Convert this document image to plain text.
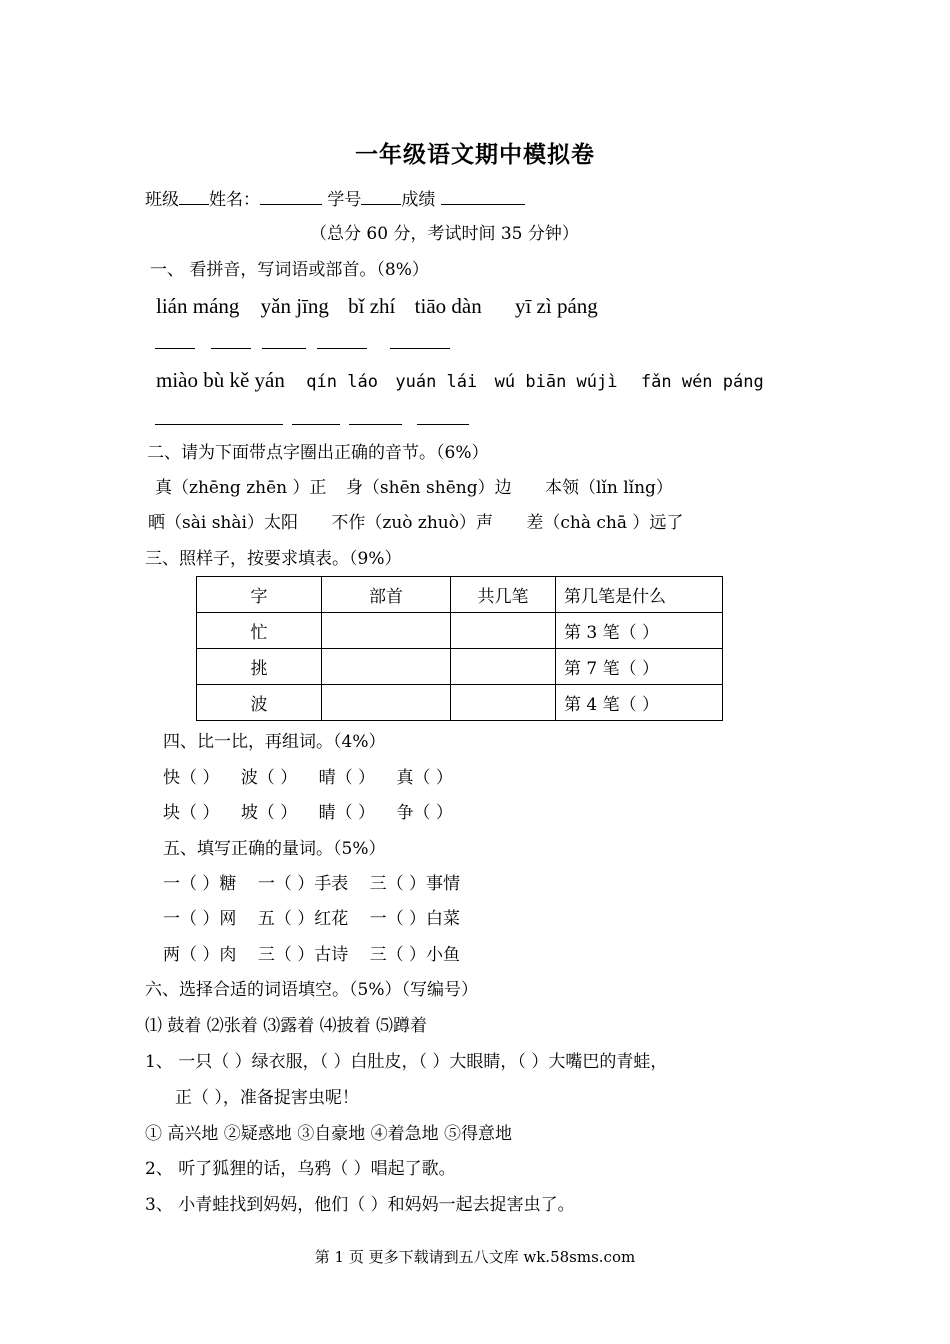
一年级语文期中模拟卷
班级 姓名：	学号 成绩
（总分 60 分，考试时间 35 分钟）
一、 看拼音，写词语或部首。（8%）
lián máng yǎn jīng bǐ zhí tiāo dàn yī zì páng
miào bù kě yán qín láo yuán lái wú biān wújì fǎn wén páng
二、请为下面带点字圈出正确的音节。（6%）
真（zhēng zhēn ）正 身（shēn shēng）边 本领（lǐn lǐng）
晒（sài shài）太阳 不作（zuò zhuò）声 差（chà chā ）远了
三、照样子，按要求填表。（9%）
字	部首	共几笔	第几笔是什么
忙			第 3 笔（ ）
挑			第 7 笔（ ）
波			第 4 笔（ ）
四、比一比，再组词。（4%）
快（ ） 波（ ） 晴（ ） 真（ ）
块（ ） 坡（ ） 睛（ ） 争（ ）
五、填写正确的量词。（5%）
一（ ）糖 一（ ）手表 三（ ）事情
一（ ）网 五（ ）红花 一（ ）白菜
两（ ）肉 三（ ）古诗 三（ ）小鱼
六、选择合适的词语填空。（5%）（写编号）
⑴ 鼓着 ⑵张着 ⑶露着 ⑷披着 ⑸蹲着
1、 一只（ ）绿衣服，（ ）白肚皮，（ ）大眼睛，（ ）大嘴巴的青蛙，
正（ ），准备捉害虫呢！
① 高兴地 ②疑惑地 ③自豪地 ④着急地 ⑤得意地
2、 听了狐狸的话，乌鸦（ ）唱起了歌。
3、 小青蛙找到妈妈，他们（ ）和妈妈一起去捉害虫了。
第 1 页 更多下载请到五八文库 wk.58sms.com
